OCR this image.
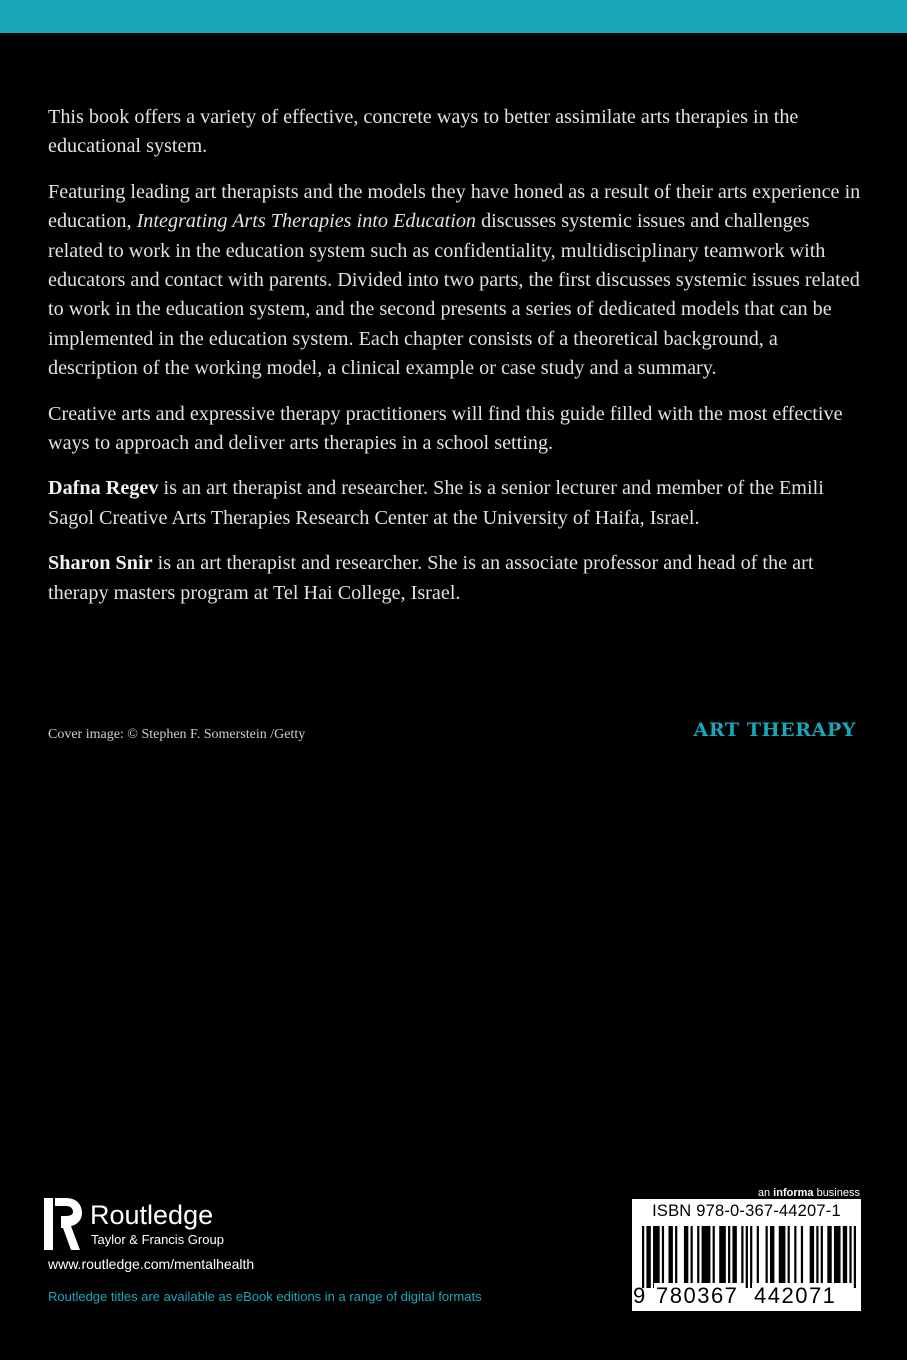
This book offers a variety of effective, concrete ways to better assimilate arts therapies in the educational system.

Featuring leading art therapists and the models they have honed as a result of their arts experience in education, Integrating Arts Therapies into Education discusses systemic issues and challenges related to work in the education system such as confidentiality, multidisciplinary teamwork with educators and contact with parents. Divided into two parts, the first discusses systemic issues related to work in the education system, and the second presents a series of dedicated models that can be implemented in the education system. Each chapter consists of a theoretical background, a description of the working model, a clinical example or case study and a summary.

Creative arts and expressive therapy practitioners will find this guide filled with the most effective ways to approach and deliver arts therapies in a school setting.

Dafna Regev is an art therapist and researcher. She is a senior lecturer and member of the Emili Sagol Creative Arts Therapies Research Center at the University of Haifa, Israel.

Sharon Snir is an art therapist and researcher. She is an associate professor and head of the art therapy masters program at Tel Hai College, Israel.

Cover image: © Stephen F. Somerstein /Getty	ART THERAPY
Routledge
Taylor & Francis Group
www.routledge.com/mentalhealth
Routledge titles are available as eBook editions in a range of digital formats
an informa business
ISBN 978-0-367-44207-1
9 780367 442071
